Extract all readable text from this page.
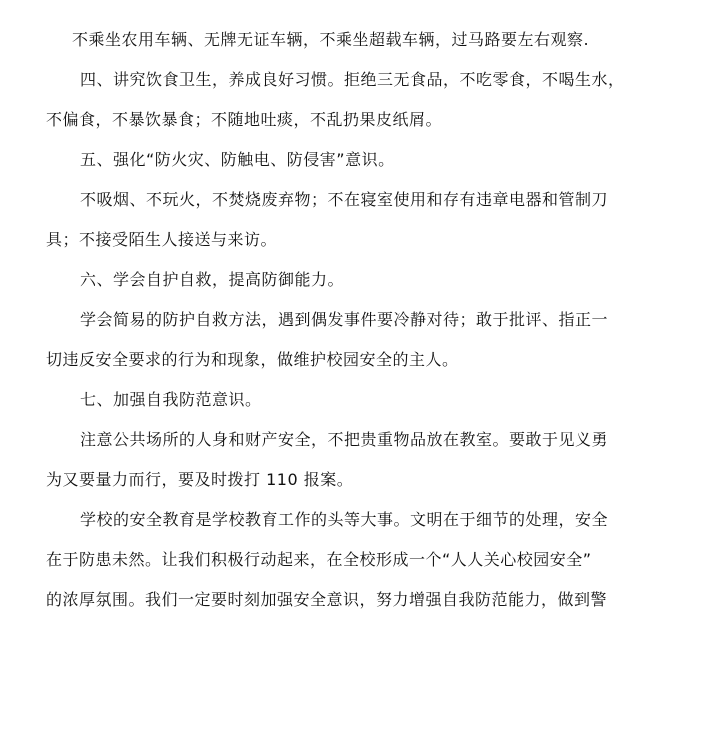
不乘坐农用车辆、无牌无证车辆，不乘坐超载车辆，过马路要左右观察.
四、讲究饮食卫生，养成良好习惯。拒绝三无食品，不吃零食，不喝生水，
不偏食，不暴饮暴食；不随地吐痰，不乱扔果皮纸屑。
五、强化“防火灾、防触电、防侵害”意识。
不吸烟、不玩火，不焚烧废弃物；不在寝室使用和存有违章电器和管制刀
具；不接受陌生人接送与来访。
六、学会自护自救，提高防御能力。
学会简易的防护自救方法，遇到偶发事件要冷静对待；敢于批评、指正一
切违反安全要求的行为和现象，做维护校园安全的主人。
七、加强自我防范意识。
注意公共场所的人身和财产安全，不把贵重物品放在教室。要敢于见义勇
为又要量力而行，要及时拨打 110 报案。
学校的安全教育是学校教育工作的头等大事。文明在于细节的处理，安全
在于防患未然。让我们积极行动起来，在全校形成一个“人人关心校园安全”
的浓厚氛围。我们一定要时刻加强安全意识，努力增强自我防范能力，做到警
